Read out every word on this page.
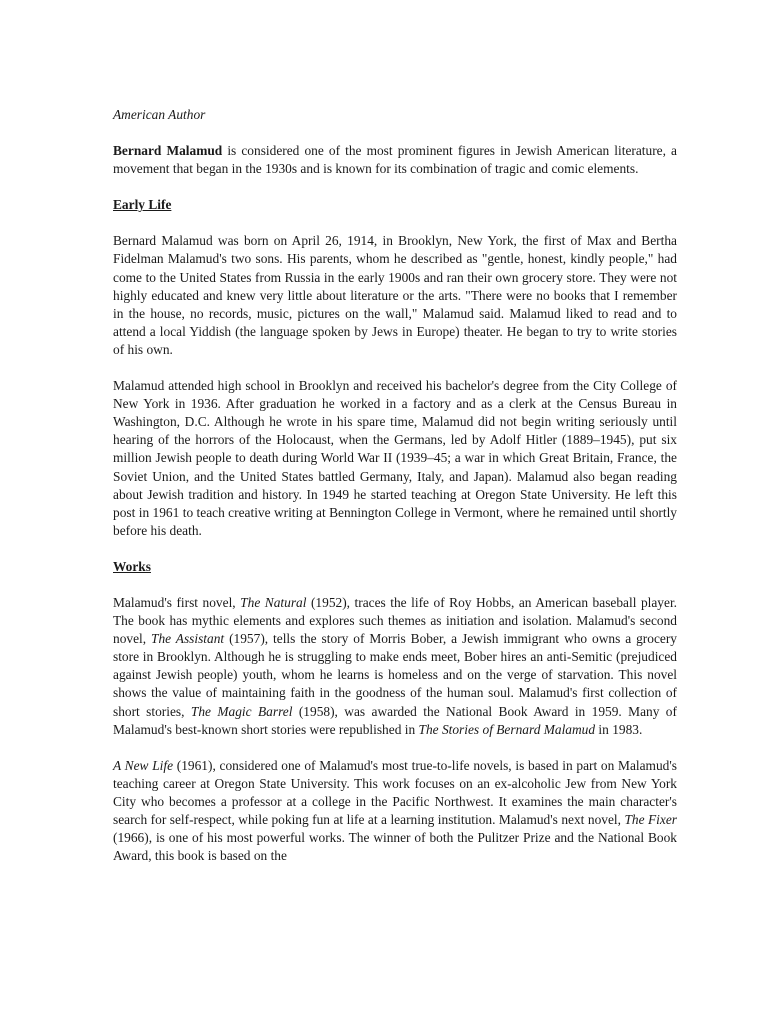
American Author

Bernard Malamud is considered one of the most prominent figures in Jewish American literature, a movement that began in the 1930s and is known for its combination of tragic and comic elements.

Early Life

Bernard Malamud was born on April 26, 1914, in Brooklyn, New York, the first of Max and Bertha Fidelman Malamud's two sons. His parents, whom he described as "gentle, honest, kindly people," had come to the United States from Russia in the early 1900s and ran their own grocery store. They were not highly educated and knew very little about literature or the arts. "There were no books that I remember in the house, no records, music, pictures on the wall," Malamud said. Malamud liked to read and to attend a local Yiddish (the language spoken by Jews in Europe) theater. He began to try to write stories of his own.

Malamud attended high school in Brooklyn and received his bachelor's degree from the City College of New York in 1936. After graduation he worked in a factory and as a clerk at the Census Bureau in Washington, D.C. Although he wrote in his spare time, Malamud did not begin writing seriously until hearing of the horrors of the Holocaust, when the Germans, led by Adolf Hitler (1889–1945), put six million Jewish people to death during World War II (1939–45; a war in which Great Britain, France, the Soviet Union, and the United States battled Germany, Italy, and Japan). Malamud also began reading about Jewish tradition and history. In 1949 he started teaching at Oregon State University. He left this post in 1961 to teach creative writing at Bennington College in Vermont, where he remained until shortly before his death.

Works

Malamud's first novel, The Natural (1952), traces the life of Roy Hobbs, an American baseball player. The book has mythic elements and explores such themes as initiation and isolation. Malamud's second novel, The Assistant (1957), tells the story of Morris Bober, a Jewish immigrant who owns a grocery store in Brooklyn. Although he is struggling to make ends meet, Bober hires an anti-Semitic (prejudiced against Jewish people) youth, whom he learns is homeless and on the verge of starvation. This novel shows the value of maintaining faith in the goodness of the human soul. Malamud's first collection of short stories, The Magic Barrel (1958), was awarded the National Book Award in 1959. Many of Malamud's best-known short stories were republished in The Stories of Bernard Malamud in 1983.

A New Life (1961), considered one of Malamud's most true-to-life novels, is based in part on Malamud's teaching career at Oregon State University. This work focuses on an ex-alcoholic Jew from New York City who becomes a professor at a college in the Pacific Northwest. It examines the main character's search for self-respect, while poking fun at life at a learning institution. Malamud's next novel, The Fixer (1966), is one of his most powerful works. The winner of both the Pulitzer Prize and the National Book Award, this book is based on the
